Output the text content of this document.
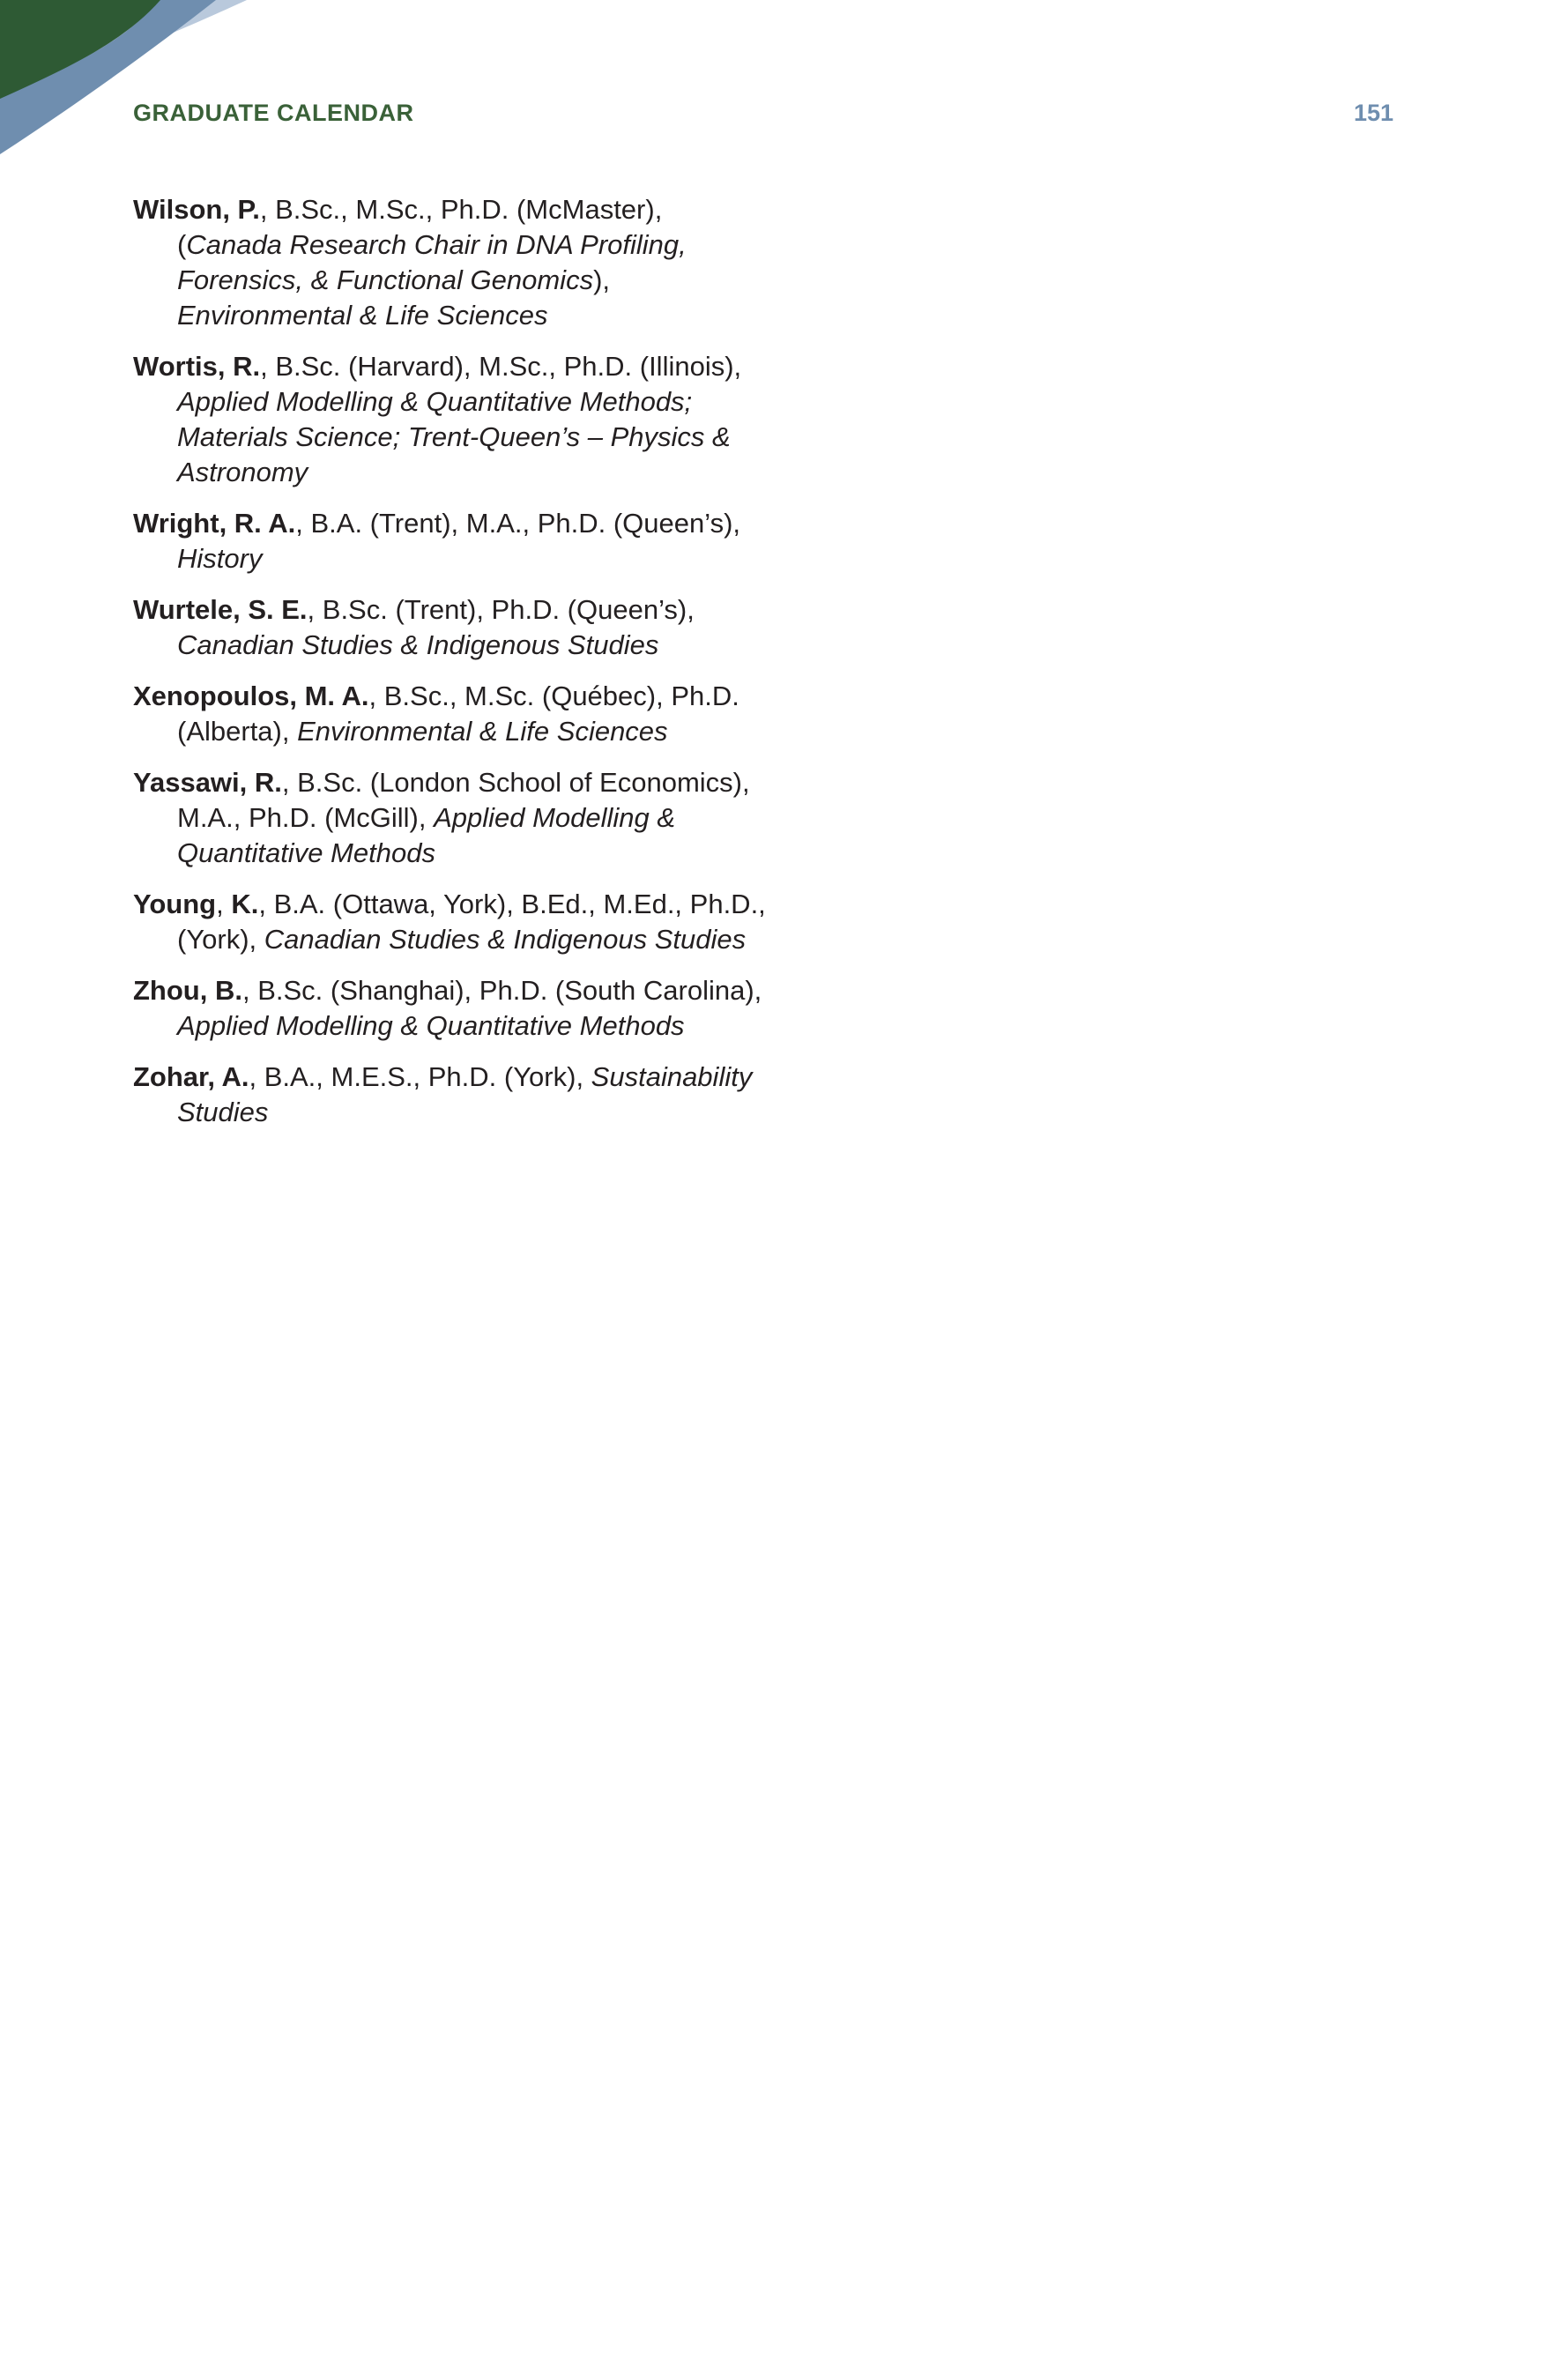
GRADUATE CALENDAR	151

Wilson, P., B.Sc., M.Sc., Ph.D. (McMaster), (Canada Research Chair in DNA Profiling, Forensics, & Functional Genomics), Environmental & Life Sciences
Wortis, R., B.Sc. (Harvard), M.Sc., Ph.D. (Illinois), Applied Modelling & Quantitative Methods; Materials Science; Trent-Queen’s – Physics & Astronomy
Wright, R. A., B.A. (Trent), M.A., Ph.D. (Queen’s), History
Wurtele, S. E., B.Sc. (Trent), Ph.D. (Queen’s), Canadian Studies & Indigenous Studies
Xenopoulos, M. A., B.Sc., M.Sc. (Québec), Ph.D. (Alberta), Environmental & Life Sciences
Yassawi, R., B.Sc. (London School of Economics), M.A., Ph.D. (McGill), Applied Modelling & Quantitative Methods
Young, K., B.A. (Ottawa, York), B.Ed., M.Ed., Ph.D., (York), Canadian Studies & Indigenous Studies
Zhou, B., B.Sc. (Shanghai), Ph.D. (South Carolina), Applied Modelling & Quantitative Methods
Zohar, A., B.A., M.E.S., Ph.D. (York), Sustainability Studies
